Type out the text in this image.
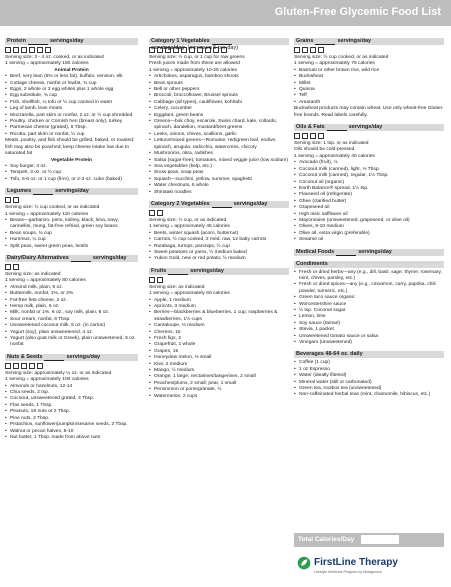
Gluten-Free Glycemic Food List
Protein	servings/day
Serving size: 3 - 4 oz. cooked, or as indicated
1 serving = approximately 150 calories
Animal Protein
• Beef, very lean (5% or less fat), buffalo, venison, elk
• Cottage cheese, nonfat or lowfat, ¾ cup
• Eggs, 2 whole or 3 egg whites plus 1 whole egg
• Egg substitute, ¾ cup
• Fish, shellfish, ¼ tofu or ½ cup canned in water
• Leg of lamb, lean meats
• Mozzarella, part skim or nonfat, 2 oz. or ½ cup shredded
• Poultry, chicken or Cornish hen (breast only), turkey
• Parmesan cheese (grated), 6 Tbsp.
• Ricotta, part skim or nonfat, ½ cup
Meats, poultry, and fish should be grilled, baked, or roasted; fish may also be poached; keep cheese intake low due to saturated fat
Vegetable Protein
• Soy burger, 4 oz.
• Tempeh, 3 oz. or ½ cup
• Tofu, 5-6 oz. or 1 cup (firm), or 2-3 oz. cube (baked)
Legumes	servings/day
Serving size: ½ cup cooked, or as indicated
1 serving = approximately 110 calories
• Beans—garbanzo, pinto, kidney, black, lima, navy, cannellini, mung, fat-free refried, green soy beans
• Bean soups, ¾ cup
• Hummus, ¼ cup
• Split peas, sweet green peas, lentils
Dairy/Dairy Alternatives	servings/day
Serving size: as indicated
1 serving = approximately 80 calories
• Almond milk, plain, 8 oz.
• Buttermilk, nonfat, 1%, or 2%
• Fat-free feta cheese, 2 oz.
• Hemp milk, plain, 6 oz.
• Milk, nonfat or 1%, 6 oz., soy milk, plain, 8 oz.
• Sour cream, nonfat, 6 Tbsp.
• Unsweetened coconut milk, 8 oz. (in carton)
• Yogurt (soy), plain unsweetened, 4 oz.
• Yogurt (also goat milk or Greek), plain unsweetened, 6 oz. nonfat
Nuts & Seeds	servings/day
Serving size: approximately ¼ oz. or as indicated
1 serving = approximately 100 calories
• Almonds or hazelnuts, 12-14
• Chia seeds, 2 tsp.
• Coconut, unsweetened grated, 3 Tbsp.
• Flax seeds, 1 Tbsp.
• Peanuts, 18 nuts or 2 Tbsp.
• Pine nuts, 2 Tbsp.
• Pistachios, sunflower/pumpkin/sesame seeds, 2 Tbsp.
• Walnut or pecan halves, 8-10
• Nut butter, 1 Tbsp. made from above nuts
Category 1 Vegetablesservings/day (minimum 5 per day)
Serving size: ½ cup, or 1 cup for raw greens
Fresh juices made from these are allowed
1 serving = approximately 10-25 calories
• Artichokes, asparagus, bamboo shoots
• Bean sprouts
• Bell or other peppers
• Broccoli, broccoflower, Brussel sprouts
• Cabbage (all types), cauliflower, kohlrabi
• Celery, cucumber
• Eggplant, green beans
• Greens—bok choy, escarole, Swiss chard, kale, collards, spinach, dandelion, mustard/beet greens
• Leeks, onions, chives, scallions, garlic
• Lettuce/mixed greens—Romaine, red/green leaf, endive, spinach, arugula, radicchio, watercress, chicory
• Mushrooms, okra, radishes
• Salsa (sugar-free), tomatoes, mixed veggie juice (low sodium)
• Sea vegetables (kelp, etc.)
• Snow peas, snap peas
• Squash—zucchini, yellow, summer, spaghetti
• Water chestnuts, 5 whole
• Shirataki noodles
Category 2 Vegetables	servings/day
Serving size: ½ cup, or as indicated
1 serving = approximately 45 calories
• Beets, winter squash (acorn, butternut)
• Carrots, ½ cup cooked, 2 med. raw, 12 baby carrots
• Rutabaga, turnips, parsnips, ½ cup
• Sweet potatoes or yams, ½ medium baked
• Yukon Gold, new or red potato, ½ medium
Fruits	servings/day
Serving size: as indicated
1 serving = approximately 60 calories
• Apple, 1 medium
• Apricots, 3 medium
• Berries—blackberries & blueberries, 1 cup; raspberries & strawberries, 1½ cups
• Cantaloupe, ⅓ medium
• Cherries, 15
• Fresh figs, 2
• Grapefruit, 1 whole
• Grapes, 15
• Honeydew melon, ⅓ small
• Kiwi, 2 medium
• Mango, ½ medium
• Orange, 1 large; nectarines/tangerines, 2 small
• Peaches/plums, 2 small; pear, 1 small
• Persimmon or pomegranate, ½
• Watermelon, 2 cups
Grains	servings/day
Serving size: ½ cup cooked, or as indicated
1 serving = approximately 75 calories
• Basmati or other brown rice, wild rice
• Buckwheat
• Millet
• Quinoa
• Teff
• Amaranth
Buckwheat products may contain wheat. Use only wheat-free Gluten-free brands. Read labels carefully.
Oils & Fats	servings/day
Serving size: 1 tsp. or as indicated
Oils should be cold-pressed
1 serving = approximately 40 calories
• Avocado (fruit), ⅛
• Coconut milk (canned), light, ⅓ Tbsp.
• Coconut milk (canned), regular, 1½ Tbsp.
• Coconut oil (organic)
• Earth Balance® spread, 1½ tsp.
• Flaxseed oil (refrigerate)
• Ghee (clarified butter)
• Grapeseed oil
• High oleic safflower oil
• Mayonnaise (unsweetened, grapeseed, or olive oil)
• Olives, 8-10 medium
• Olive oil, extra virgin (preferable)
• Sesame oil
Medical Foods	servings/day
Condiments
• Fresh or dried herbs—any (e.g., dill, basil, sage, thyme, rosemary, mint, chives, parsley, etc.)
• Fresh or dried spices—any (e.g., cinnamon, curry, paprika, chili powder, turmeric, etc.)
• Green taco sauce organic
• Worcestershire sauce
• ½ tsp. Coconut sugar
• Lemon, lime
• Soy sauce (tamari)
• Stevia, 1 packet
• Unsweetened tomato sauce or salsa
• Vinegars (unsweetened)
Beverages 48-64 oz. daily
• Coffee (1 cup)
• 1 oz Espresso
• Water (ideally filtered)
• Mineral water (still or carbonated)
• Green tea, rooibos tea (unsweetened)
• Non-caffeinated herbal teas (mint, chamomile, hibiscus, etc.)
Total Calories/Day
FirstLine Therapy
Lifestyle Medicine Program by Metagenics
